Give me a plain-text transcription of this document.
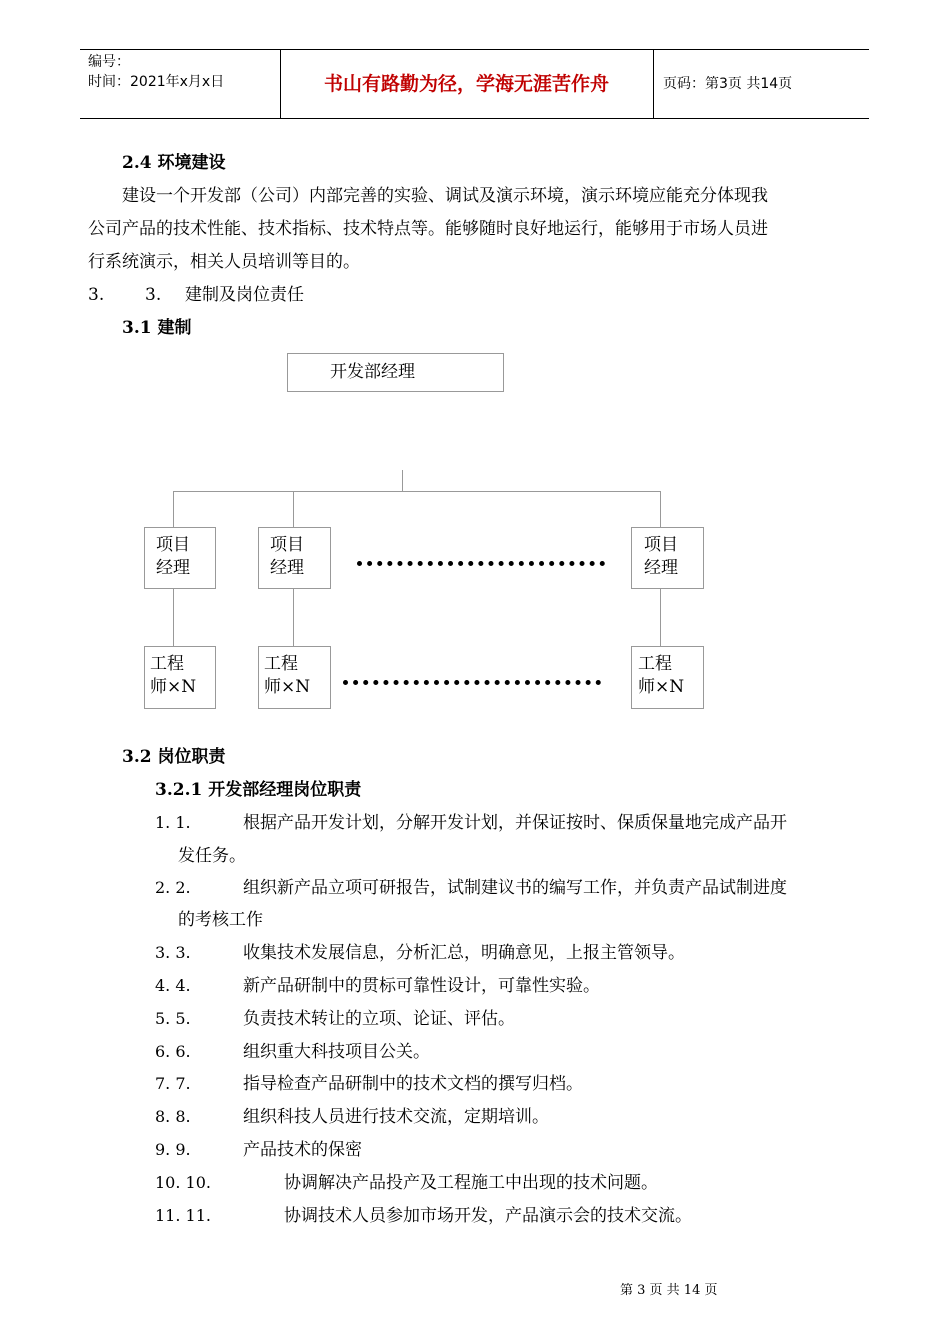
编号：
时间：2021年x月x日	书山有路勤为径，学海无涯苦作舟	页码：第3页 共14页
2.4 环境建设
建设一个开发部（公司）内部完善的实验、调试及演示环境，演示环境应能充分体现我
公司产品的技术性能、技术指标、技术特点等。能够随时良好地运行，能够用于市场人员进
行系统演示，相关人员培训等目的。
3. 3. 建制及岗位责任
3.1 建制
开发部经理
项目
经理
项目
经理
项目
经理
工程
师×N
工程
师×N
工程
师×N
3.2 岗位职责
3.2.1 开发部经理岗位职责
1. 1.	根据产品开发计划，分解开发计划，并保证按时、保质保量地完成产品开
发任务。
2. 2.	组织新产品立项可研报告，试制建议书的编写工作，并负责产品试制进度
的考核工作
3. 3.	收集技术发展信息，分析汇总，明确意见，上报主管领导。
4. 4.	新产品研制中的贯标可靠性设计，可靠性实验。
5. 5.	负责技术转让的立项、论证、评估。
6. 6.	组织重大科技项目公关。
7. 7.	指导检查产品研制中的技术文档的撰写归档。
8. 8.	组织科技人员进行技术交流，定期培训。
9. 9.	产品技术的保密
10. 10.	协调解决产品投产及工程施工中出现的技术问题。
11. 11.	协调技术人员参加市场开发，产品演示会的技术交流。
第 3 页 共 14 页
